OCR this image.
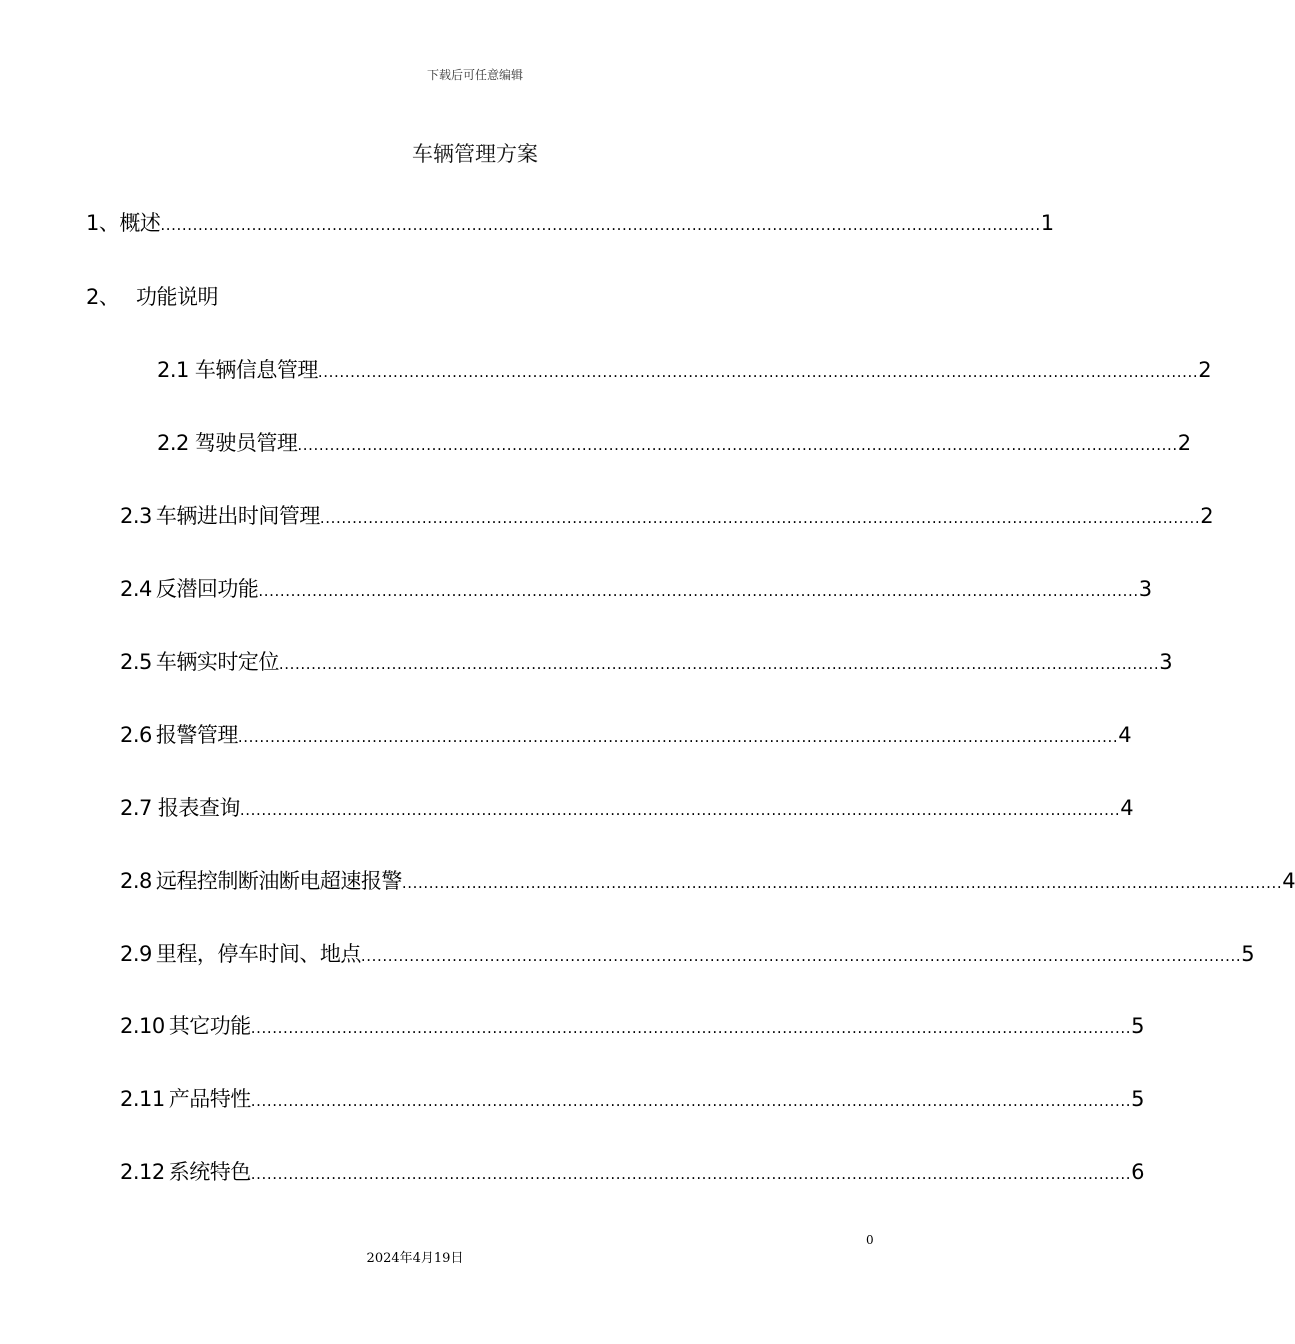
下载后可任意编辑
车辆管理方案
1、 概述 .................................................................................................................................................................... 1
2、 功能说明
2.1 车辆信息管理 .................................................................................................................................................................... 2
2.2 驾驶员管理 .................................................................................................................................................................... 2
2.3 车辆进出时间管理 .................................................................................................................................................................... 2
2.4 反潜回功能 .................................................................................................................................................................... 3
2.5 车辆实时定位 .................................................................................................................................................................... 3
2.6 报警管理 .................................................................................................................................................................... 4
2.7 报表查询 .................................................................................................................................................................... 4
2.8 远程控制断油断电超速报警 .................................................................................................................................................................... 4
2.9 里程，停车时间、地点 .................................................................................................................................................................... 5
2.10 其它功能 .................................................................................................................................................................... 5
2.11 产品特性 .................................................................................................................................................................... 5
2.12 系统特色 .................................................................................................................................................................... 6
0
2024年4月19日
